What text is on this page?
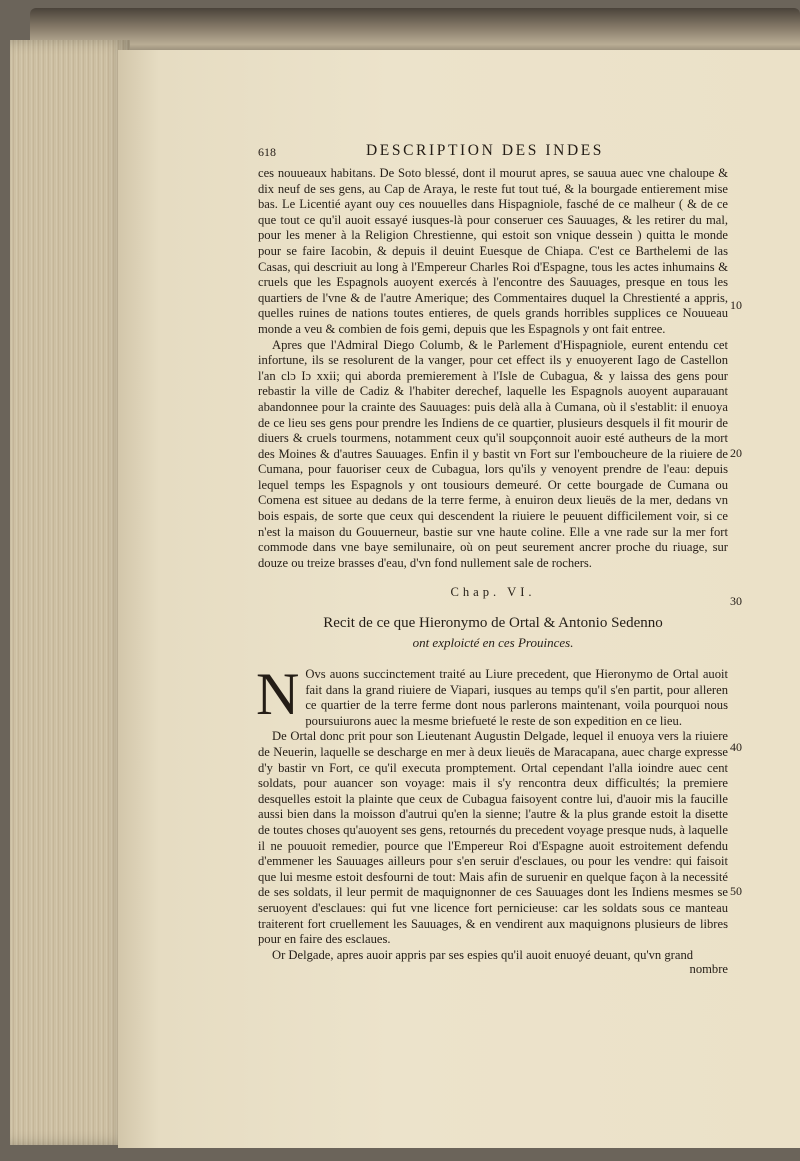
618	DESCRIPTION DES INDES

ces nouueaux habitans. De Soto blessé, dont il mourut apres, se sauua auec vne chaloupe & dix neuf de ses gens, au Cap de Araya, le reste fut tout tué, & la bourgade entierement mise bas. Le Licentié ayant ouy ces nouuelles dans Hispagniole, fasché de ce malheur ( & de ce que tout ce qu'il auoit essayé iusques-là pour conseruer ces Sauuages, & les retirer du mal, pour les mener à la Religion Chrestienne, qui estoit son vnique dessein ) quitta le monde pour se faire Iacobin, & depuis il deuint Euesque de Chiapa. C'est ce Barthelemi de las Casas, qui descriuit au long à l'Empereur Charles Roi d'Espagne, tous les actes inhumains & cruels que les Espagnols auoyent exercés à l'encontre des Sauuages, presque en tous les quartiers de l'vne & de l'autre Amerique; des Commentaires duquel la Chrestienté a appris, quelles ruines de nations toutes entieres, de quels grands horribles supplices ce Nouueau monde a veu & combien de fois gemi, depuis que les Espagnols y ont fait entree.

Apres que l'Admiral Diego Columb, & le Parlement d'Hispagniole, eurent entendu cet infortune, ils se resolurent de la vanger, pour cet effect ils y enuoyerent Iago de Castellon l'an clɔ Iɔ xxii; qui aborda premierement à l'Isle de Cubagua, & y laissa des gens pour rebastir la ville de Cadiz & l'habiter derechef, laquelle les Espagnols auoyent auparauant abandonnee pour la crainte des Sauuages: puis delà alla à Cumana, où il s'establit: il enuoya de ce lieu ses gens pour prendre les Indiens de ce quartier, plusieurs desquels il fit mourir de diuers & cruels tourmens, notamment ceux qu'il soupçonnoit auoir esté autheurs de la mort des Moines & d'autres Sauuages. Enfin il y bastit vn Fort sur l'emboucheure de la riuiere de Cumana, pour fauoriser ceux de Cubagua, lors qu'ils y venoyent prendre de l'eau: depuis lequel temps les Espagnols y ont tousiours demeuré. Or cette bourgade de Cumana ou Comena est situee au dedans de la terre ferme, à enuiron deux lieuës de la mer, dedans vn bois espais, de sorte que ceux qui descendent la riuiere le peuuent difficilement voir, si ce n'est la maison du Gouuerneur, bastie sur vne haute coline. Elle a vne rade sur la mer fort commode dans vne baye semilunaire, où on peut seurement ancrer proche du riuage, sur douze ou treize brasses d'eau, d'vn fond nullement sale de rochers.

Chap. VI.
Recit de ce que Hieronymo de Ortal & Antonio Sedenno
ont exploicté en ces Prouinces.

N Ovs auons succinctement traité au Liure precedent, que Hieronymo de Ortal auoit fait dans la grand riuiere de Viapari, iusques au temps qu'il s'en partit, pour alleren ce quartier de la terre ferme dont nous parlerons maintenant, voila pourquoi nous poursuiurons auec la mesme briefueté le reste de son expedition en ce lieu.

De Ortal donc prit pour son Lieutenant Augustin Delgade, lequel il enuoya vers la riuiere de Neuerin, laquelle se descharge en mer à deux lieuës de Maracapana, auec charge expresse d'y bastir vn Fort, ce qu'il executa promptement. Ortal cependant l'alla ioindre auec cent soldats, pour auancer son voyage: mais il s'y rencontra deux difficultés; la premiere desquelles estoit la plainte que ceux de Cubagua faisoyent contre lui, d'auoir mis la faucille aussi bien dans la moisson d'autrui qu'en la sienne; l'autre & la plus grande estoit la disette de toutes choses qu'auoyent ses gens, retournés du precedent voyage presque nuds, à laquelle il ne pouuoit remedier, pource que l'Empereur Roi d'Espagne auoit estroitement defendu d'emmener les Sauuages ailleurs pour s'en seruir d'esclaues, ou pour les vendre: qui faisoit que lui mesme estoit desfourni de tout: Mais afin de suruenir en quelque façon à la necessité de ses soldats, il leur permit de maquignonner de ces Sauuages dont les Indiens mesmes se seruoyent d'esclaues: qui fut vne licence fort pernicieuse: car les soldats sous ce manteau traiterent fort cruellement les Sauuages, & en vendirent aux maquignons plusieurs de libres pour en faire des esclaues.

Or Delgade, apres auoir appris par ses espies qu'il auoit enuoyé deuant, qu'vn grand

nombre
10
20
30
40
50
